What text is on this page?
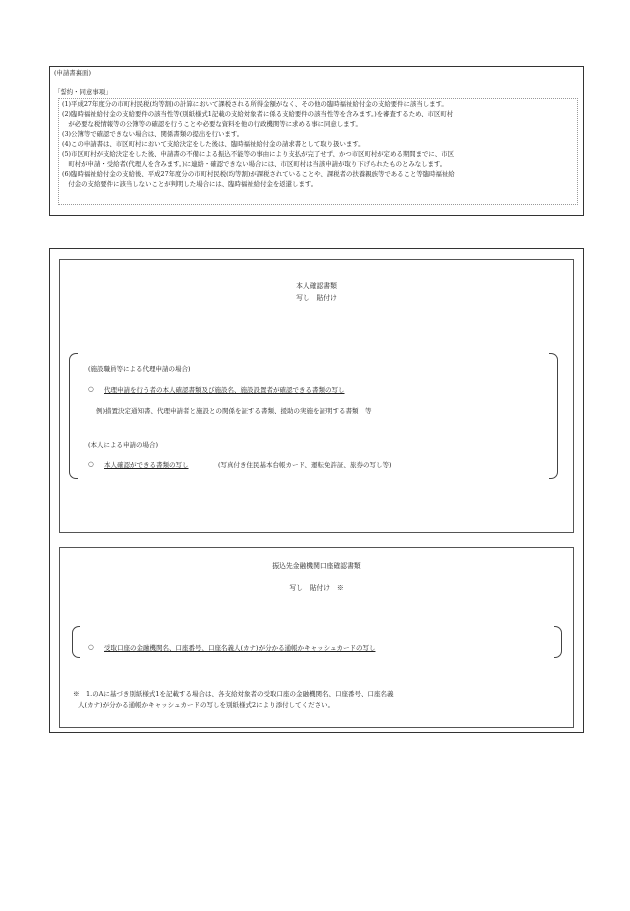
(申請書裏面)
「誓約・同意事項」
(1)平成27年度分の市町村民税(均等割)の計算において課税される所得金額がなく、その他の臨時福祉給付金の支給要件に該当します。
(2)臨時福祉給付金の支給要件の該当性等(別紙様式1記載の支給対象者に係る支給要件の該当性等を含みます。)を審査するため、市区町村
　が必要な税情報等の公簿等の確認を行うことや必要な資料を他の行政機関等に求める事に同意します。
(3)公簿等で確認できない場合は、関係書類の提出を行います。
(4)この申請書は、市区町村において支給決定をした後は、臨時福祉給付金の請求書として取り扱います。
(5)市区町村が支給決定をした後、申請書の不備による振込不能等の事由により支払が完了せず、かつ市区町村が定める期間までに、市区
　町村が申請・受給者(代理人を含みます。)に連絡・確認できない場合には、市区町村は当該申請が取り下げられたものとみなします。
(6)臨時福祉給付金の支給後、平成27年度分の市町村民税(均等割)が課税されていることや、課税者の扶養親族等であること等臨時福祉給
　付金の支給要件に該当しないことが判明した場合には、臨時福祉給付金を返還します。
本人確認書類
写し　貼付け
(施設職員等による代理申請の場合)
○ 代理申請を行う者の本人確認書類及び施設名、施設設置者が確認できる書類の写し
例)措置決定通知書、代理申請者と施設との関係を証する書類、援助の実施を証明する書類　等
(本人による申請の場合)
○ 本人確認ができる書類の写し	(写真付き住民基本台帳カード、運転免許証、旅券の写し等)
振込先金融機関口座確認書類
写し　貼付け　※
○ 受取口座の金融機関名、口座番号、口座名義人(カナ)が分かる通帳かキャッシュカードの写し
※　1.のAに基づき別紙様式1を記載する場合は、各支給対象者の受取口座の金融機関名、口座番号、口座名義
人(カナ)が分かる通帳かキャッシュカードの写しを別紙様式2により添付してください。
